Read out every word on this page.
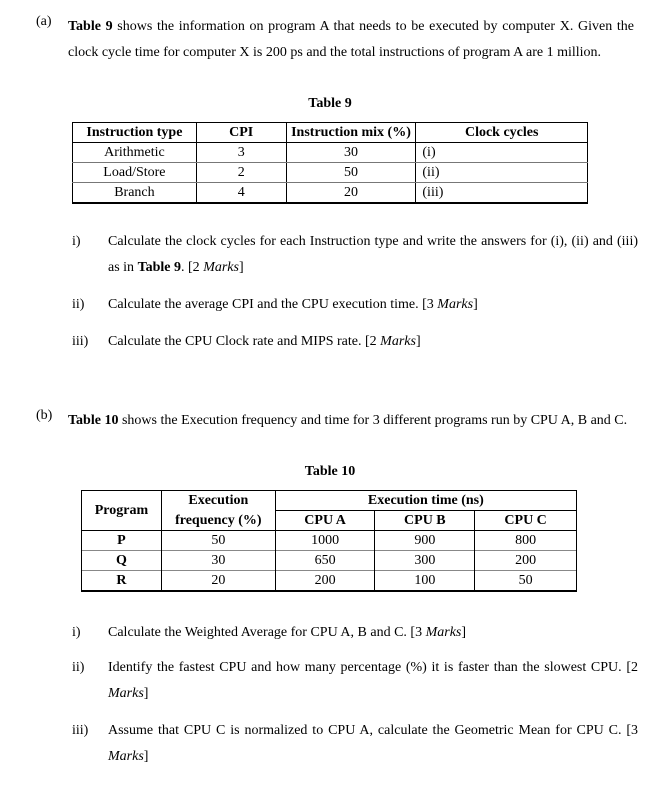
(a) Table 9 shows the information on program A that needs to be executed by computer X. Given the clock cycle time for computer X is 200 ps and the total instructions of program A are 1 million.
Table 9
Instruction type	CPI	Instruction mix (%)	Clock cycles
Arithmetic	3	30	(i)
Load/Store	2	50	(ii)
Branch	4	20	(iii)
i)	Calculate the clock cycles for each Instruction type and write the answers for (i), (ii) and (iii) as in Table 9. [2 Marks]
ii)	Calculate the average CPI and the CPU execution time. [3 Marks]
iii)	Calculate the CPU Clock rate and MIPS rate. [2 Marks]
(b) Table 10 shows the Execution frequency and time for 3 different programs run by CPU A, B and C.
Table 10
Program	Execution	Execution time (ns)		
	frequency (%)	CPU A	CPU B	CPU C
P	50	1000	900	800
Q	30	650	300	200
R	20	200	100	50
i)	Calculate the Weighted Average for CPU A, B and C. [3 Marks]
ii)	Identify the fastest CPU and how many percentage (%) it is faster than the slowest CPU. [2 Marks]
iii)	Assume that CPU C is normalized to CPU A, calculate the Geometric Mean for CPU C. [3 Marks]
